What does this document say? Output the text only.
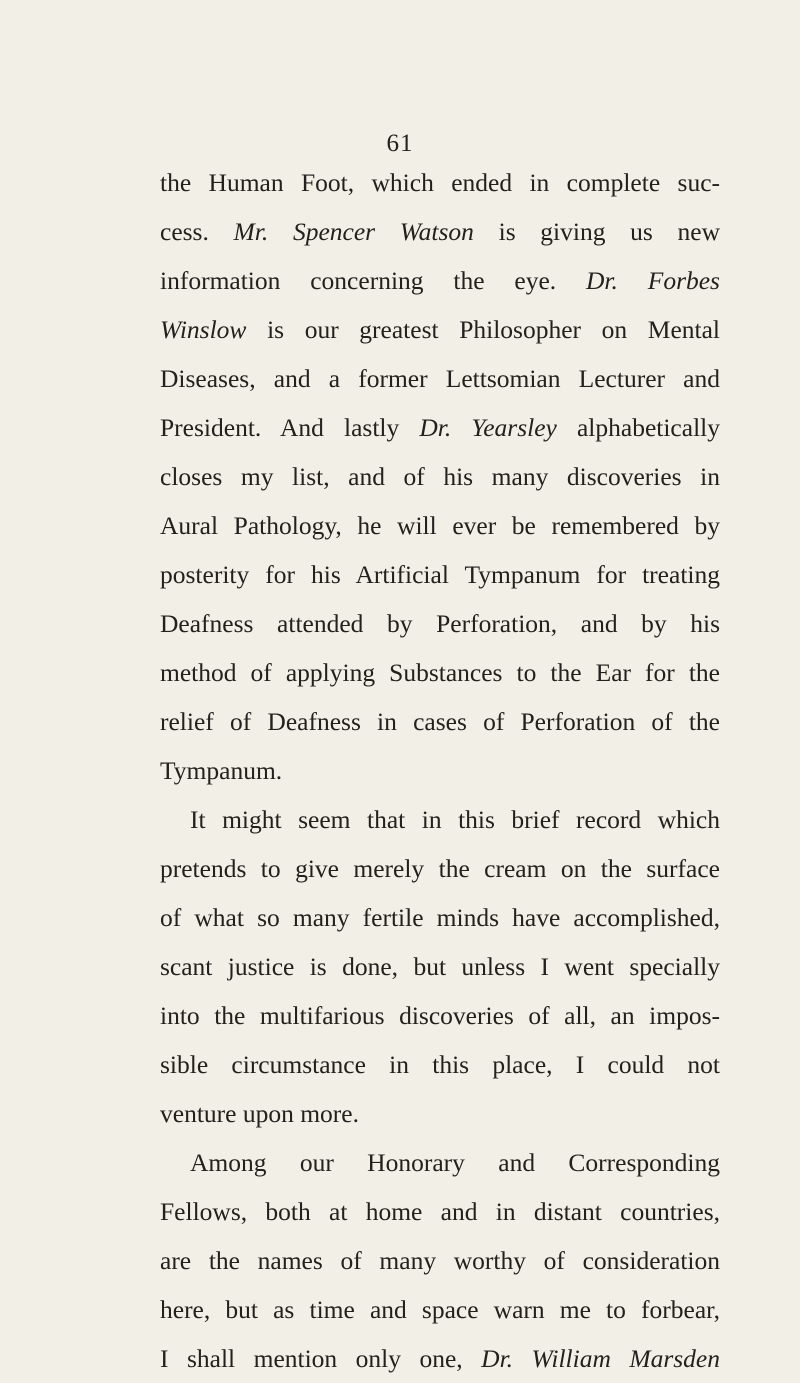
61
the Human Foot, which ended in complete suc-
cess. Mr. Spencer Watson is giving us new
information concerning the eye. Dr. Forbes
Winslow is our greatest Philosopher on Mental
Diseases, and a former Lettsomian Lecturer and
President. And lastly Dr. Yearsley alphabetically
closes my list, and of his many discoveries in
Aural Pathology, he will ever be remembered by
posterity for his Artificial Tympanum for treating
Deafness attended by Perforation, and by his
method of applying Substances to the Ear for the
relief of Deafness in cases of Perforation of the
Tympanum.
It might seem that in this brief record which
pretends to give merely the cream on the surface
of what so many fertile minds have accomplished,
scant justice is done, but unless I went specially
into the multifarious discoveries of all, an impos-
sible circumstance in this place, I could not
venture upon more.
Among our Honorary and Corresponding
Fellows, both at home and in distant countries,
are the names of many worthy of consideration
here, but as time and space warn me to forbear,
I shall mention only one, Dr. William Marsden
